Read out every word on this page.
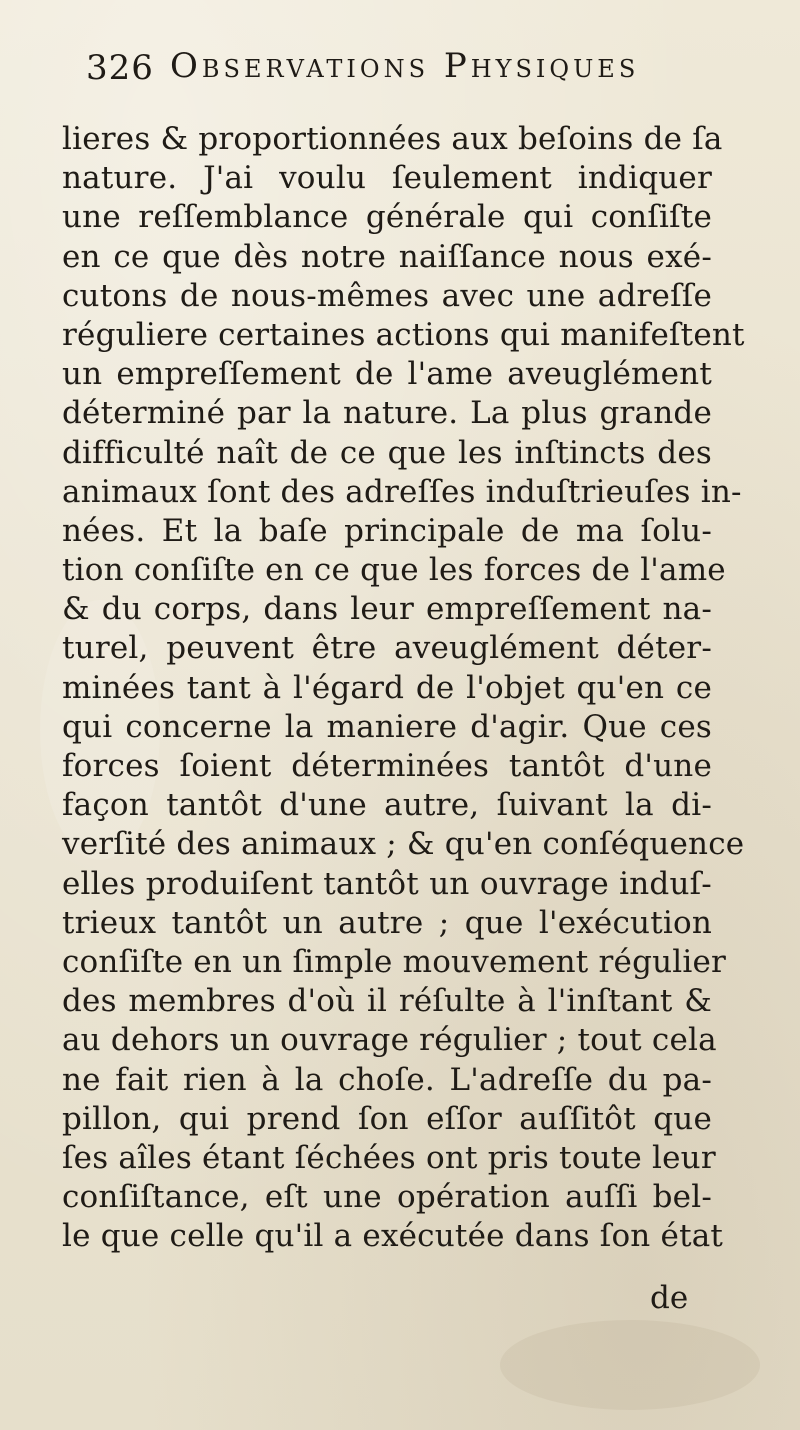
326 Observations Physiques
lieres & proportionnées aux beſoins de ſa
nature. J'ai voulu ſeulement indiquer
une reſſemblance générale qui conſiſte
en ce que dès notre naiſſance nous exé-
cutons de nous-mêmes avec une adreſſe
réguliere certaines actions qui manifeſtent
un empreſſement de l'ame aveuglément
déterminé par la nature. La plus grande
difficulté naît de ce que les inſtincts des
animaux ſont des adreſſes induſtrieuſes in-
nées. Et la baſe principale de ma ſolu-
tion conſiſte en ce que les forces de l'ame
& du corps, dans leur empreſſement na-
turel, peuvent être aveuglément déter-
minées tant à l'égard de l'objet qu'en ce
qui concerne la maniere d'agir. Que ces
forces ſoient déterminées tantôt d'une
façon tantôt d'une autre, ſuivant la di-
verſité des animaux ; & qu'en conſéquence
elles produiſent tantôt un ouvrage induſ-
trieux tantôt un autre ; que l'exécution
conſiſte en un ſimple mouvement régulier
des membres d'où il réſulte à l'inſtant &
au dehors un ouvrage régulier ; tout cela
ne fait rien à la choſe. L'adreſſe du pa-
pillon, qui prend ſon eſſor auſſitôt que
ſes aîles étant ſéchées ont pris toute leur
conſiſtance, eſt une opération auſſi bel-
le que celle qu'il a exécutée dans ſon état
de
